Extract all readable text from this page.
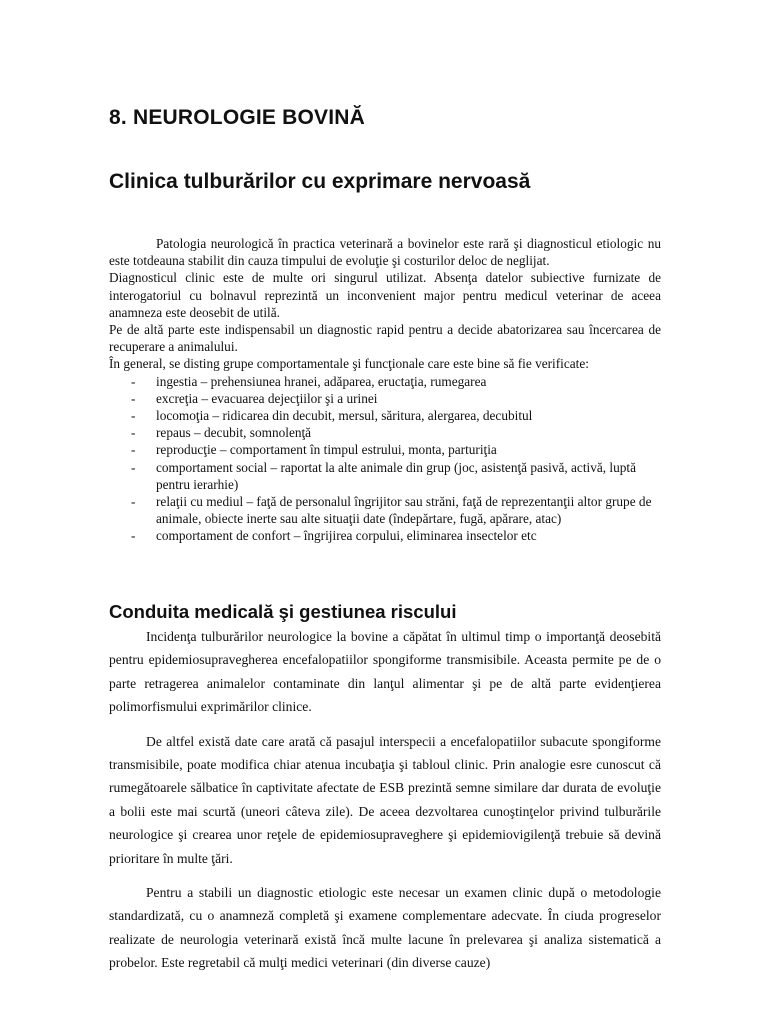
8. NEUROLOGIE BOVINĂ
Clinica tulburărilor cu exprimare nervoasă

Patologia neurologică în practica veterinară a bovinelor este rară şi diagnosticul etiologic nu este totdeauna stabilit din cauza timpului de evoluţie şi costurilor deloc de neglijat.

Diagnosticul clinic este de multe ori singurul utilizat. Absenţa datelor subiective furnizate de interogatoriul cu bolnavul reprezintă un inconvenient major pentru medicul veterinar de aceea anamneza este deosebit de utilă.

Pe de altă parte este indispensabil un diagnostic rapid pentru a decide abatorizarea sau încercarea de recuperare a animalului.

În general, se disting grupe comportamentale şi funcţionale care este bine să fie verificate:

- ingestia – prehensiunea hranei, adăparea, eructaţia, rumegarea
- excreţia – evacuarea dejecţiilor şi a urinei
- locomoţia – ridicarea din decubit, mersul, săritura, alergarea, decubitul
- repaus – decubit, somnolenţă
- reproducţie – comportament în timpul estrului, monta, parturiţia
- comportament social – raportat la alte animale din grup (joc, asistenţă pasivă, activă, luptă pentru ierarhie)
- relaţii cu mediul – faţă de personalul îngrijitor sau străni, faţă de reprezentanţii altor grupe de animale, obiecte inerte sau alte situaţii date (îndepărtare, fugă, apărare, atac)
- comportament de confort – îngrijirea corpului, eliminarea insectelor etc
Conduita medicală şi gestiunea riscului

Incidenţa tulburărilor neurologice la bovine a căpătat în ultimul timp o importanţă deosebită pentru epidemiosupravegherea encefalopatiilor spongiforme transmisibile. Aceasta permite pe de o parte retragerea animalelor contaminate din lanţul alimentar şi pe de altă parte evidenţierea polimorfismului exprimărilor clinice.

De altfel există date care arată că pasajul interspecii a encefalopatiilor subacute spongiforme transmisibile, poate modifica chiar atenua incubaţia şi tabloul clinic. Prin analogie esre cunoscut că rumegătoarele sălbatice în captivitate afectate de ESB prezintă semne similare dar durata de evoluţie a bolii este mai scurtă (uneori câteva zile). De aceea dezvoltarea cunoştinţelor privind tulburările neurologice şi crearea unor reţele de epidemiosupraveghere şi epidemiovigilenţă trebuie să devină prioritare în multe ţări.

Pentru a stabili un diagnostic etiologic este necesar un examen clinic după o metodologie standardizată, cu o anamneză completă şi examene complementare adecvate. În ciuda progreselor realizate de neurologia veterinară există încă multe lacune în prelevarea şi analiza sistematică a probelor. Este regretabil că mulţi medici veterinari (din diverse cauze)
